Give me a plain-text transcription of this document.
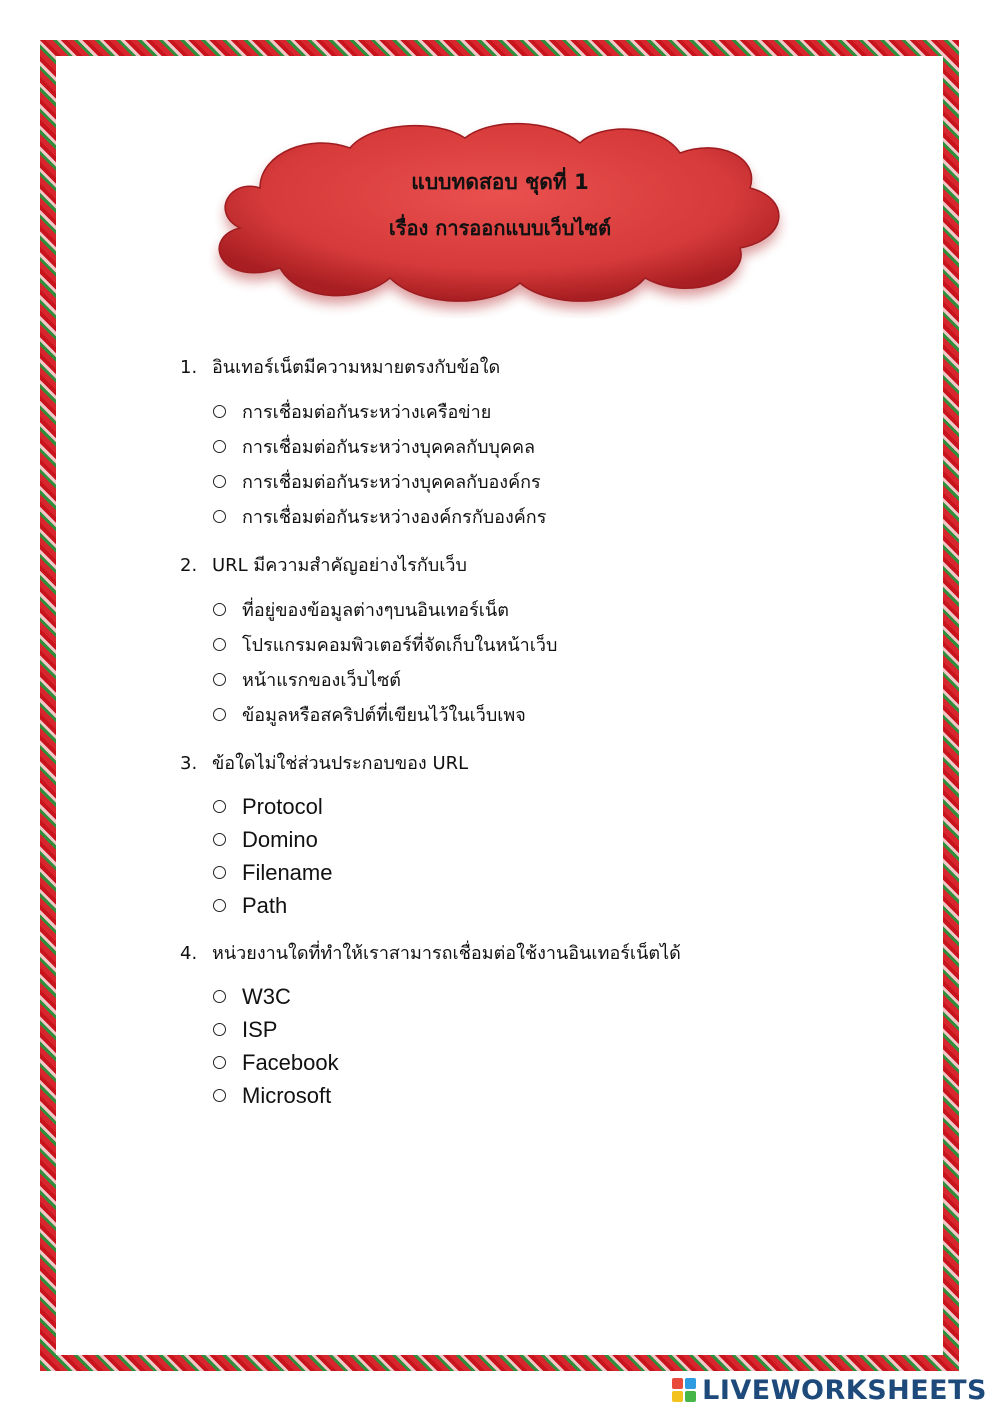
แบบทดสอบ ชุดที่ 1
เรื่อง การออกแบบเว็บไซต์
1. อินเทอร์เน็ตมีความหมายตรงกับข้อใด
การเชื่อมต่อกันระหว่างเครือข่าย
การเชื่อมต่อกันระหว่างบุคคลกับบุคคล
การเชื่อมต่อกันระหว่างบุคคลกับองค์กร
การเชื่อมต่อกันระหว่างองค์กรกับองค์กร
2. URL มีความสำคัญอย่างไรกับเว็บ
ที่อยู่ของข้อมูลต่างๆบนอินเทอร์เน็ต
โปรแกรมคอมพิวเตอร์ที่จัดเก็บในหน้าเว็บ
หน้าแรกของเว็บไซต์
ข้อมูลหรือสคริปต์ที่เขียนไว้ในเว็บเพจ
3. ข้อใดไม่ใช่ส่วนประกอบของ URL
Protocol
Domino
Filename
Path
4. หน่วยงานใดที่ทำให้เราสามารถเชื่อมต่อใช้งานอินเทอร์เน็ตได้
W3C
ISP
Facebook
Microsoft
LIVEWORKSHEETS
